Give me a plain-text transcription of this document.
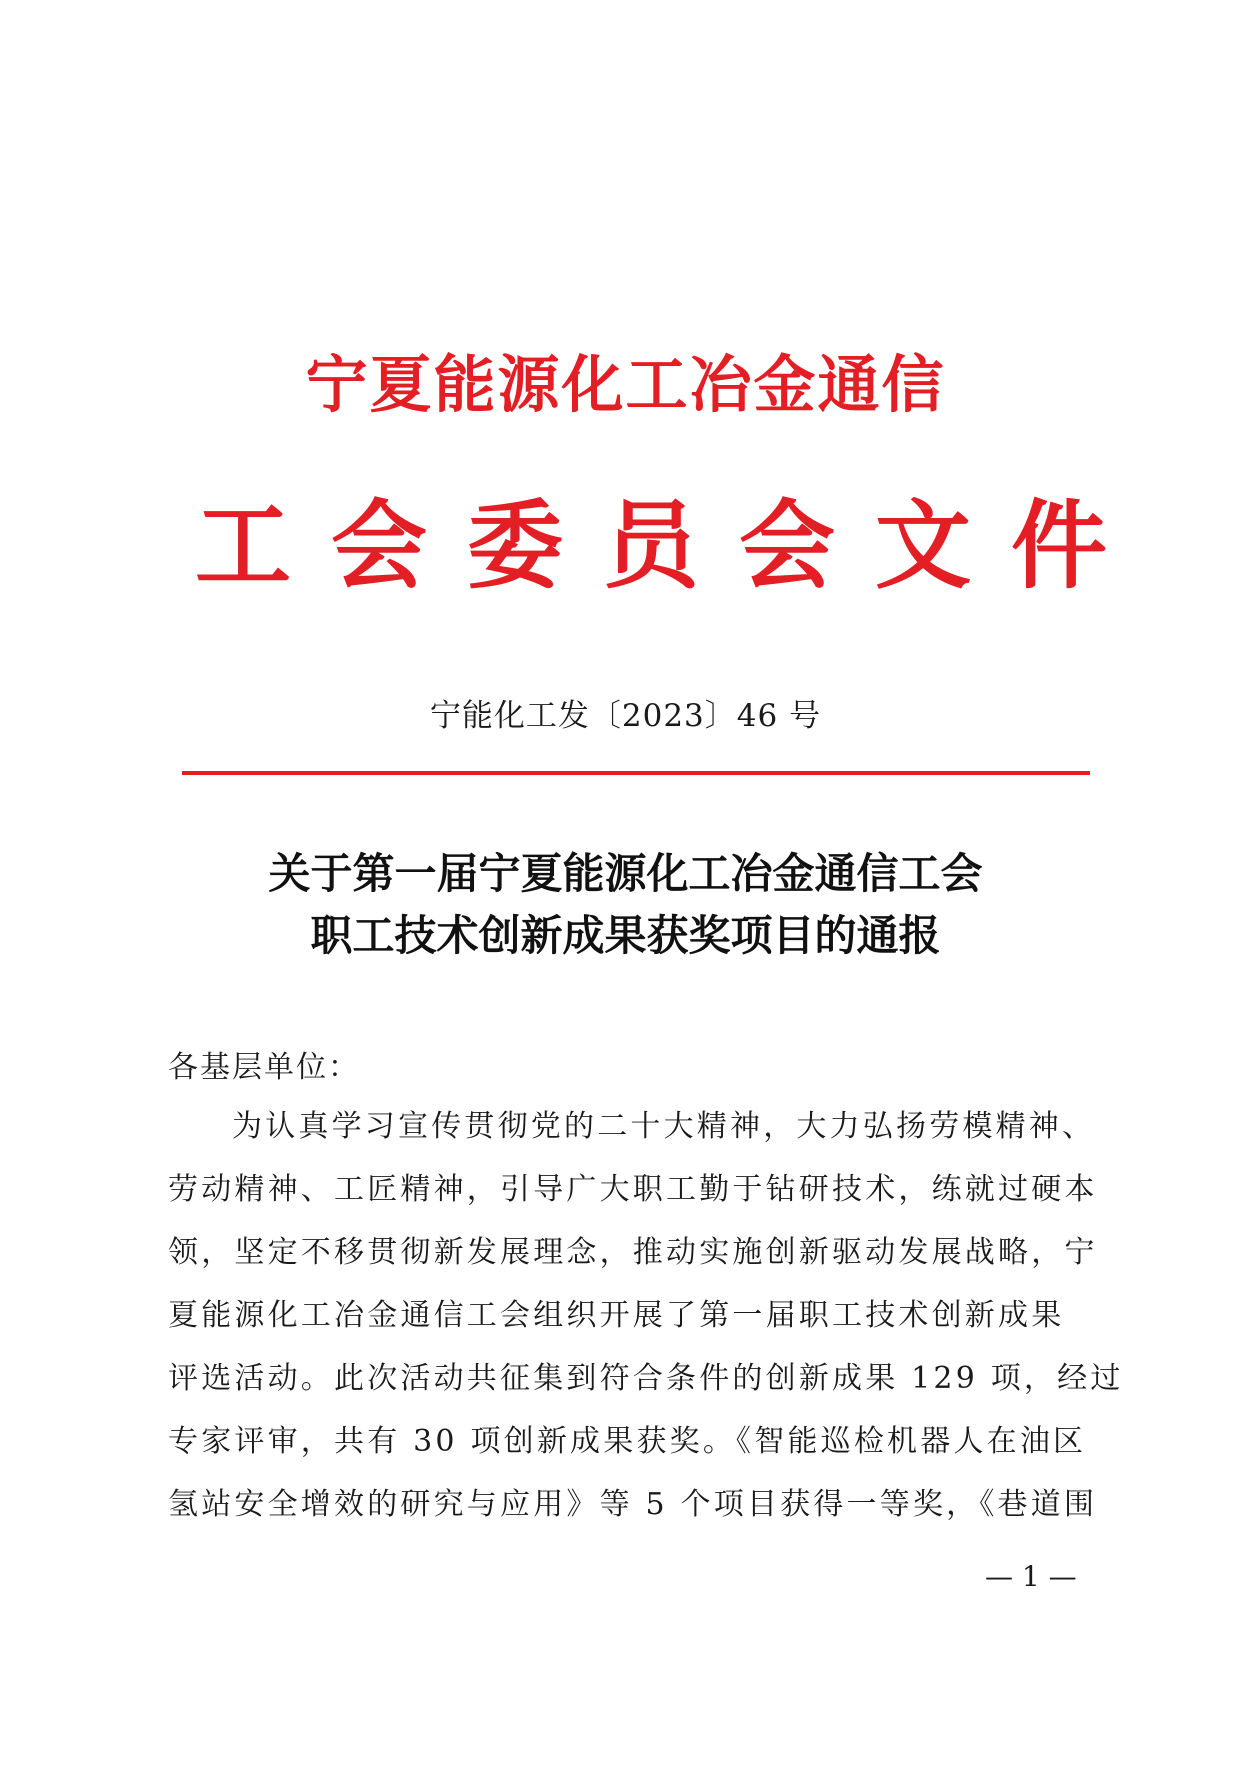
宁夏能源化工冶金通信
工会委员会文件
宁能化工发〔2023〕46 号
关于第一届宁夏能源化工冶金通信工会
职工技术创新成果获奖项目的通报
各基层单位：
为认真学习宣传贯彻党的二十大精神，大力弘扬劳模精神、
劳动精神、工匠精神，引导广大职工勤于钻研技术，练就过硬本
领，坚定不移贯彻新发展理念，推动实施创新驱动发展战略，宁
夏能源化工冶金通信工会组织开展了第一届职工技术创新成果
评选活动。此次活动共征集到符合条件的创新成果 129 项，经过
专家评审，共有 30 项创新成果获奖。《智能巡检机器人在油区
氢站安全增效的研究与应用》等 5 个项目获得一等奖，《巷道围
— 1 —
